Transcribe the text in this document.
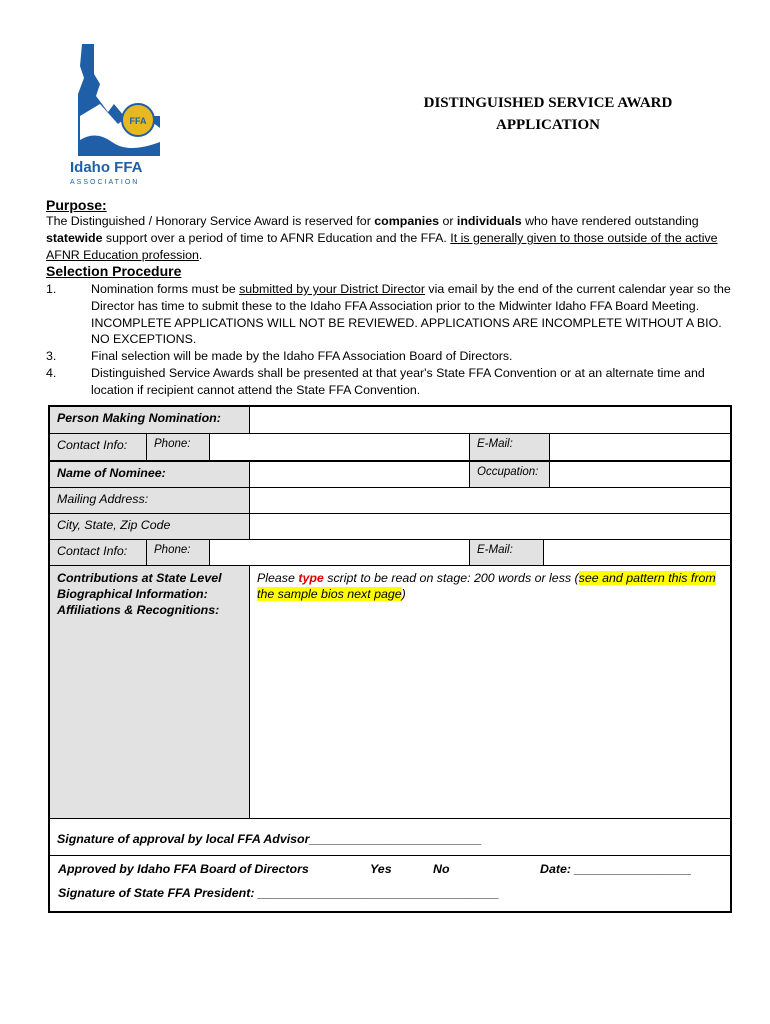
FFA
Idaho FFA
ASSOCIATION
DISTINGUISHED SERVICE AWARD
APPLICATION
Purpose:
The Distinguished / Honorary Service Award is reserved for companies or individuals who have rendered outstanding statewide support over a period of time to AFNR Education and the FFA. It is generally given to those outside of the active AFNR Education profession.
Selection Procedure
1.	Nomination forms must be submitted by your District Director via email by the end of the current calendar year so the Director has time to submit these to the Idaho FFA Association prior to the Midwinter Idaho FFA Board Meeting. INCOMPLETE APPLICATIONS WILL NOT BE REVIEWED. APPLICATIONS ARE INCOMPLETE WITHOUT A BIO. NO EXCEPTIONS.
3.	Final selection will be made by the Idaho FFA Association Board of Directors.
4.	Distinguished Service Awards shall be presented at that year's State FFA Convention or at an alternate time and location if recipient cannot attend the State FFA Convention.
Person Making Nomination:
Contact Info:	Phone:	E-Mail:
Name of Nominee:	Occupation:
Mailing Address:
City, State, Zip Code
Contact Info:	Phone:	E-Mail:
Contributions at State Level
Biographical Information:
Affiliations & Recognitions:
Please type script to be read on stage: 200 words or less (see and pattern this from the sample bios next page)
Signature of approval by local FFA Advisor_________________________
Approved by Idaho FFA Board of Directors	Yes	No	Date: _________________
Signature of State FFA President: ___________________________________
